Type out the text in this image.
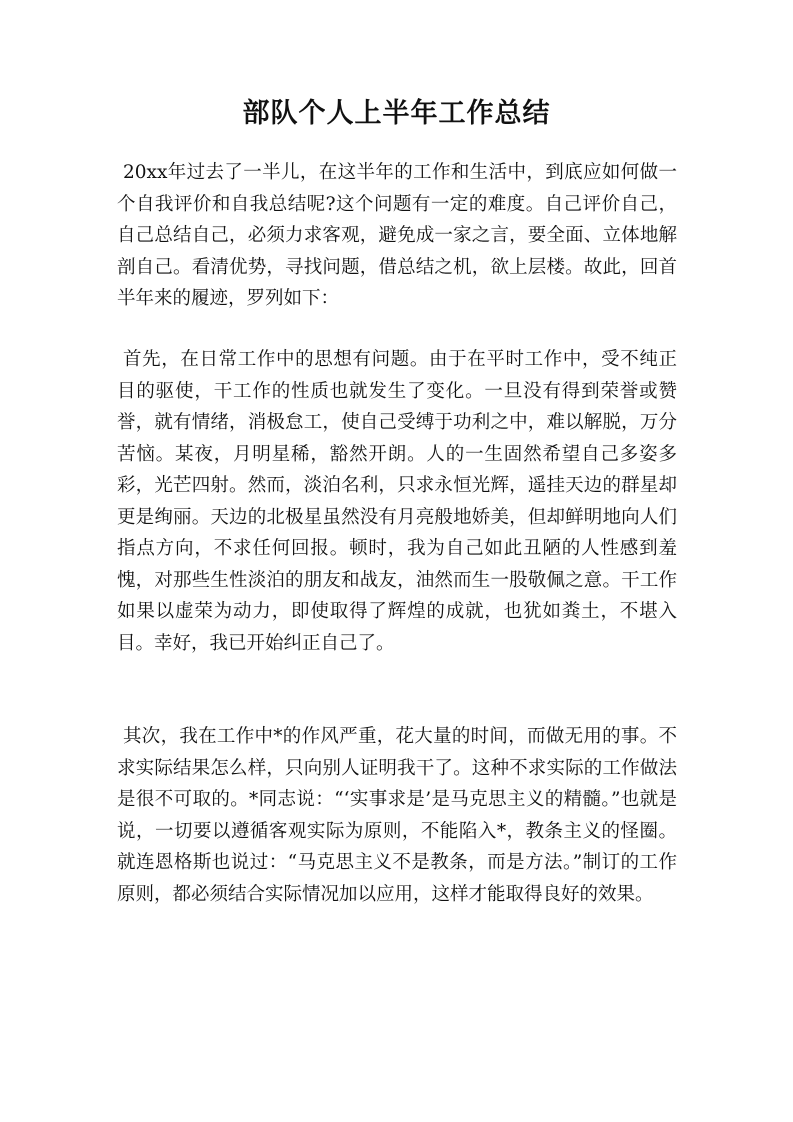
部队个人上半年工作总结

20xx年过去了一半儿，在这半年的工作和生活中，到底应如何做一个自我评价和自我总结呢?这个问题有一定的难度。自己评价自己，自己总结自己，必须力求客观，避免成一家之言，要全面、立体地解剖自己。看清优势，寻找问题，借总结之机，欲上层楼。故此，回首半年来的履迹，罗列如下：

首先，在日常工作中的思想有问题。由于在平时工作中，受不纯正目的驱使，干工作的性质也就发生了变化。一旦没有得到荣誉或赞誉，就有情绪，消极怠工，使自己受缚于功利之中，难以解脱，万分苦恼。某夜，月明星稀，豁然开朗。人的一生固然希望自己多姿多彩，光芒四射。然而，淡泊名利，只求永恒光辉，遥挂天边的群星却更是绚丽。天边的北极星虽然没有月亮般地娇美，但却鲜明地向人们指点方向，不求任何回报。顿时，我为自己如此丑陋的人性感到羞愧，对那些生性淡泊的朋友和战友，油然而生一股敬佩之意。干工作如果以虚荣为动力，即使取得了辉煌的成就，也犹如粪土，不堪入目。幸好，我已开始纠正自己了。

其次，我在工作中*的作风严重，花大量的时间，而做无用的事。不求实际结果怎么样，只向别人证明我干了。这种不求实际的工作做法是很不可取的。*同志说：“‘实事求是’是马克思主义的精髓。”也就是说，一切要以遵循客观实际为原则，不能陷入*，教条主义的怪圈。就连恩格斯也说过：“马克思主义不是教条，而是方法。”制订的工作原则，都必须结合实际情况加以应用，这样才能取得良好的效果。
